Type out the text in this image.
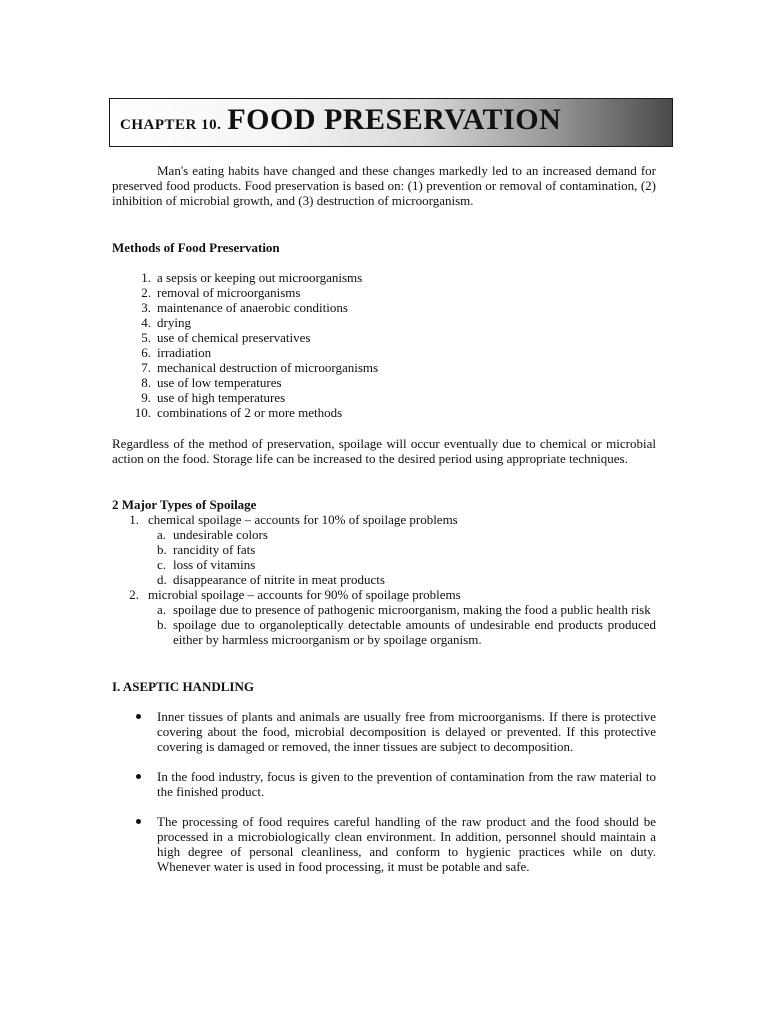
CHAPTER 10. FOOD PRESERVATION

Man's eating habits have changed and these changes markedly led to an increased demand for preserved food products. Food preservation is based on: (1) prevention or removal of contamination, (2) inhibition of microbial growth, and (3) destruction of microorganism.

Methods of Food Preservation
1. a sepsis or keeping out microorganisms
2. removal of microorganisms
3. maintenance of anaerobic conditions
4. drying
5. use of chemical preservatives
6. irradiation
7. mechanical destruction of microorganisms
8. use of low temperatures
9. use of high temperatures
10. combinations of 2 or more methods

Regardless of the method of preservation, spoilage will occur eventually due to chemical or microbial action on the food. Storage life can be increased to the desired period using appropriate techniques.

2 Major Types of Spoilage
1. chemical spoilage – accounts for 10% of spoilage problems
a. undesirable colors
b. rancidity of fats
c. loss of vitamins
d. disappearance of nitrite in meat products
2. microbial spoilage – accounts for 90% of spoilage problems
a. spoilage due to presence of pathogenic microorganism, making the food a public health risk
b. spoilage due to organoleptically detectable amounts of undesirable end products produced either by harmless microorganism or by spoilage organism.
I. ASEPTIC HANDLING
Inner tissues of plants and animals are usually free from microorganisms. If there is protective covering about the food, microbial decomposition is delayed or prevented. If this protective covering is damaged or removed, the inner tissues are subject to decomposition.
In the food industry, focus is given to the prevention of contamination from the raw material to the finished product.
The processing of food requires careful handling of the raw product and the food should be processed in a microbiologically clean environment. In addition, personnel should maintain a high degree of personal cleanliness, and conform to hygienic practices while on duty. Whenever water is used in food processing, it must be potable and safe.
